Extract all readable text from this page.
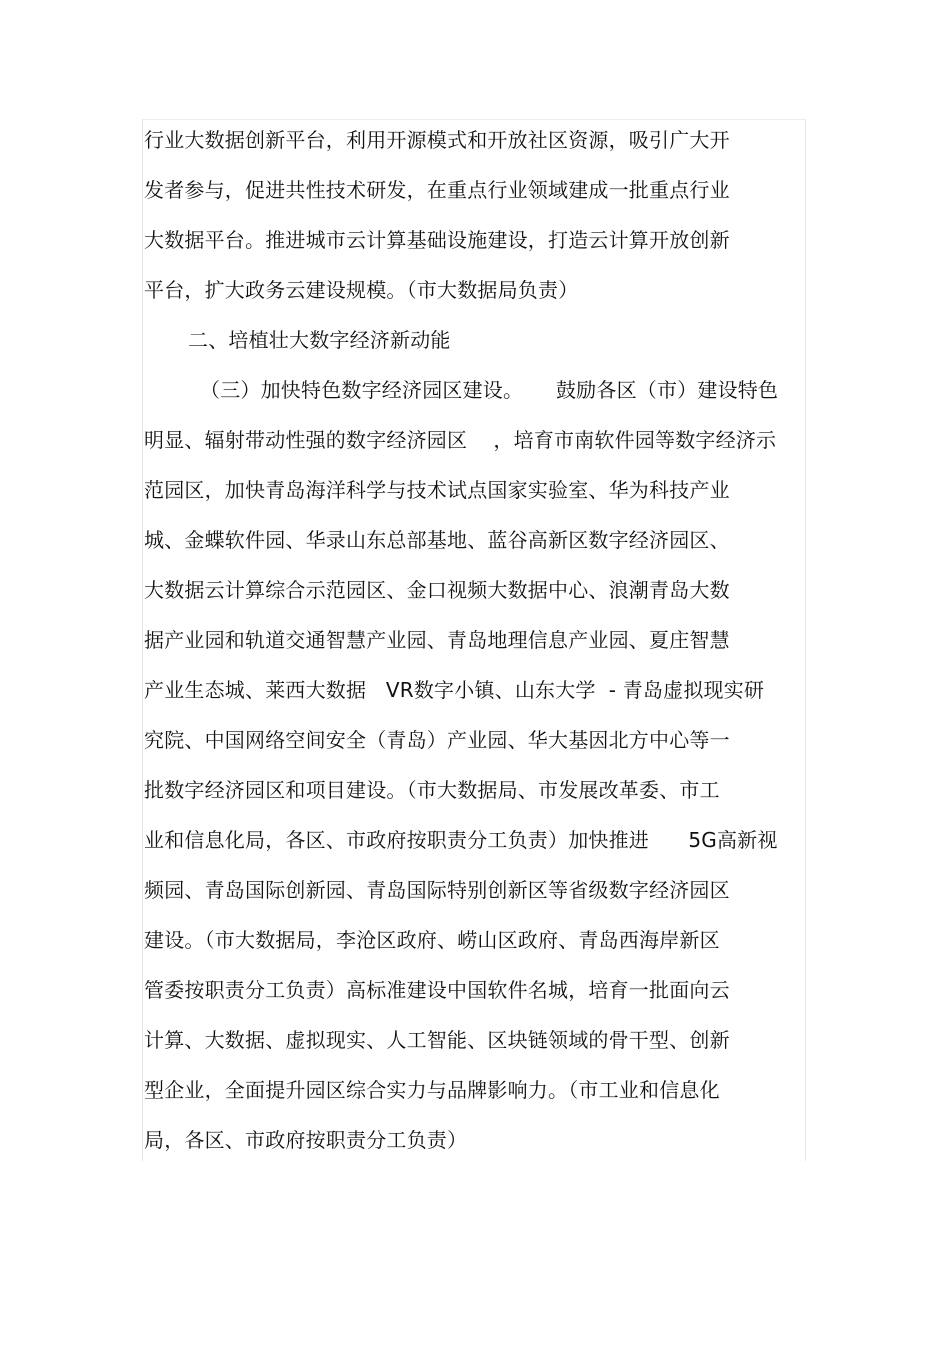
行业大数据创新平台，利用开源模式和开放社区资源，吸引广大开
发者参与，促进共性技术研发，在重点行业领域建成一批重点行业
大数据平台。推进城市云计算基础设施建设，打造云计算开放创新
平台，扩大政务云建设规模。（市大数据局负责）
二、培植壮大数字经济新动能
（三）加快特色数字经济园区建设。     鼓励各区（市）建设特色
明显、辐射带动性强的数字经济园区    ，培育市南软件园等数字经济示
范园区，加快青岛海洋科学与技术试点国家实验室、华为科技产业
城、金蝶软件园、华录山东总部基地、蓝谷高新区数字经济园区、
大数据云计算综合示范园区、金口视频大数据中心、浪潮青岛大数
据产业园和轨道交通智慧产业园、青岛地理信息产业园、夏庄智慧
产业生态城、莱西大数据   VR数字小镇、山东大学  - 青岛虚拟现实研
究院、中国网络空间安全（青岛）产业园、华大基因北方中心等一
批数字经济园区和项目建设。（市大数据局、市发展改革委、市工
业和信息化局，各区、市政府按职责分工负责）加快推进      5G高新视
频园、青岛国际创新园、青岛国际特别创新区等省级数字经济园区
建设。（市大数据局，李沧区政府、崂山区政府、青岛西海岸新区
管委按职责分工负责）高标准建设中国软件名城，培育一批面向云
计算、大数据、虚拟现实、人工智能、区块链领域的骨干型、创新
型企业，全面提升园区综合实力与品牌影响力。（市工业和信息化
局，各区、市政府按职责分工负责）
